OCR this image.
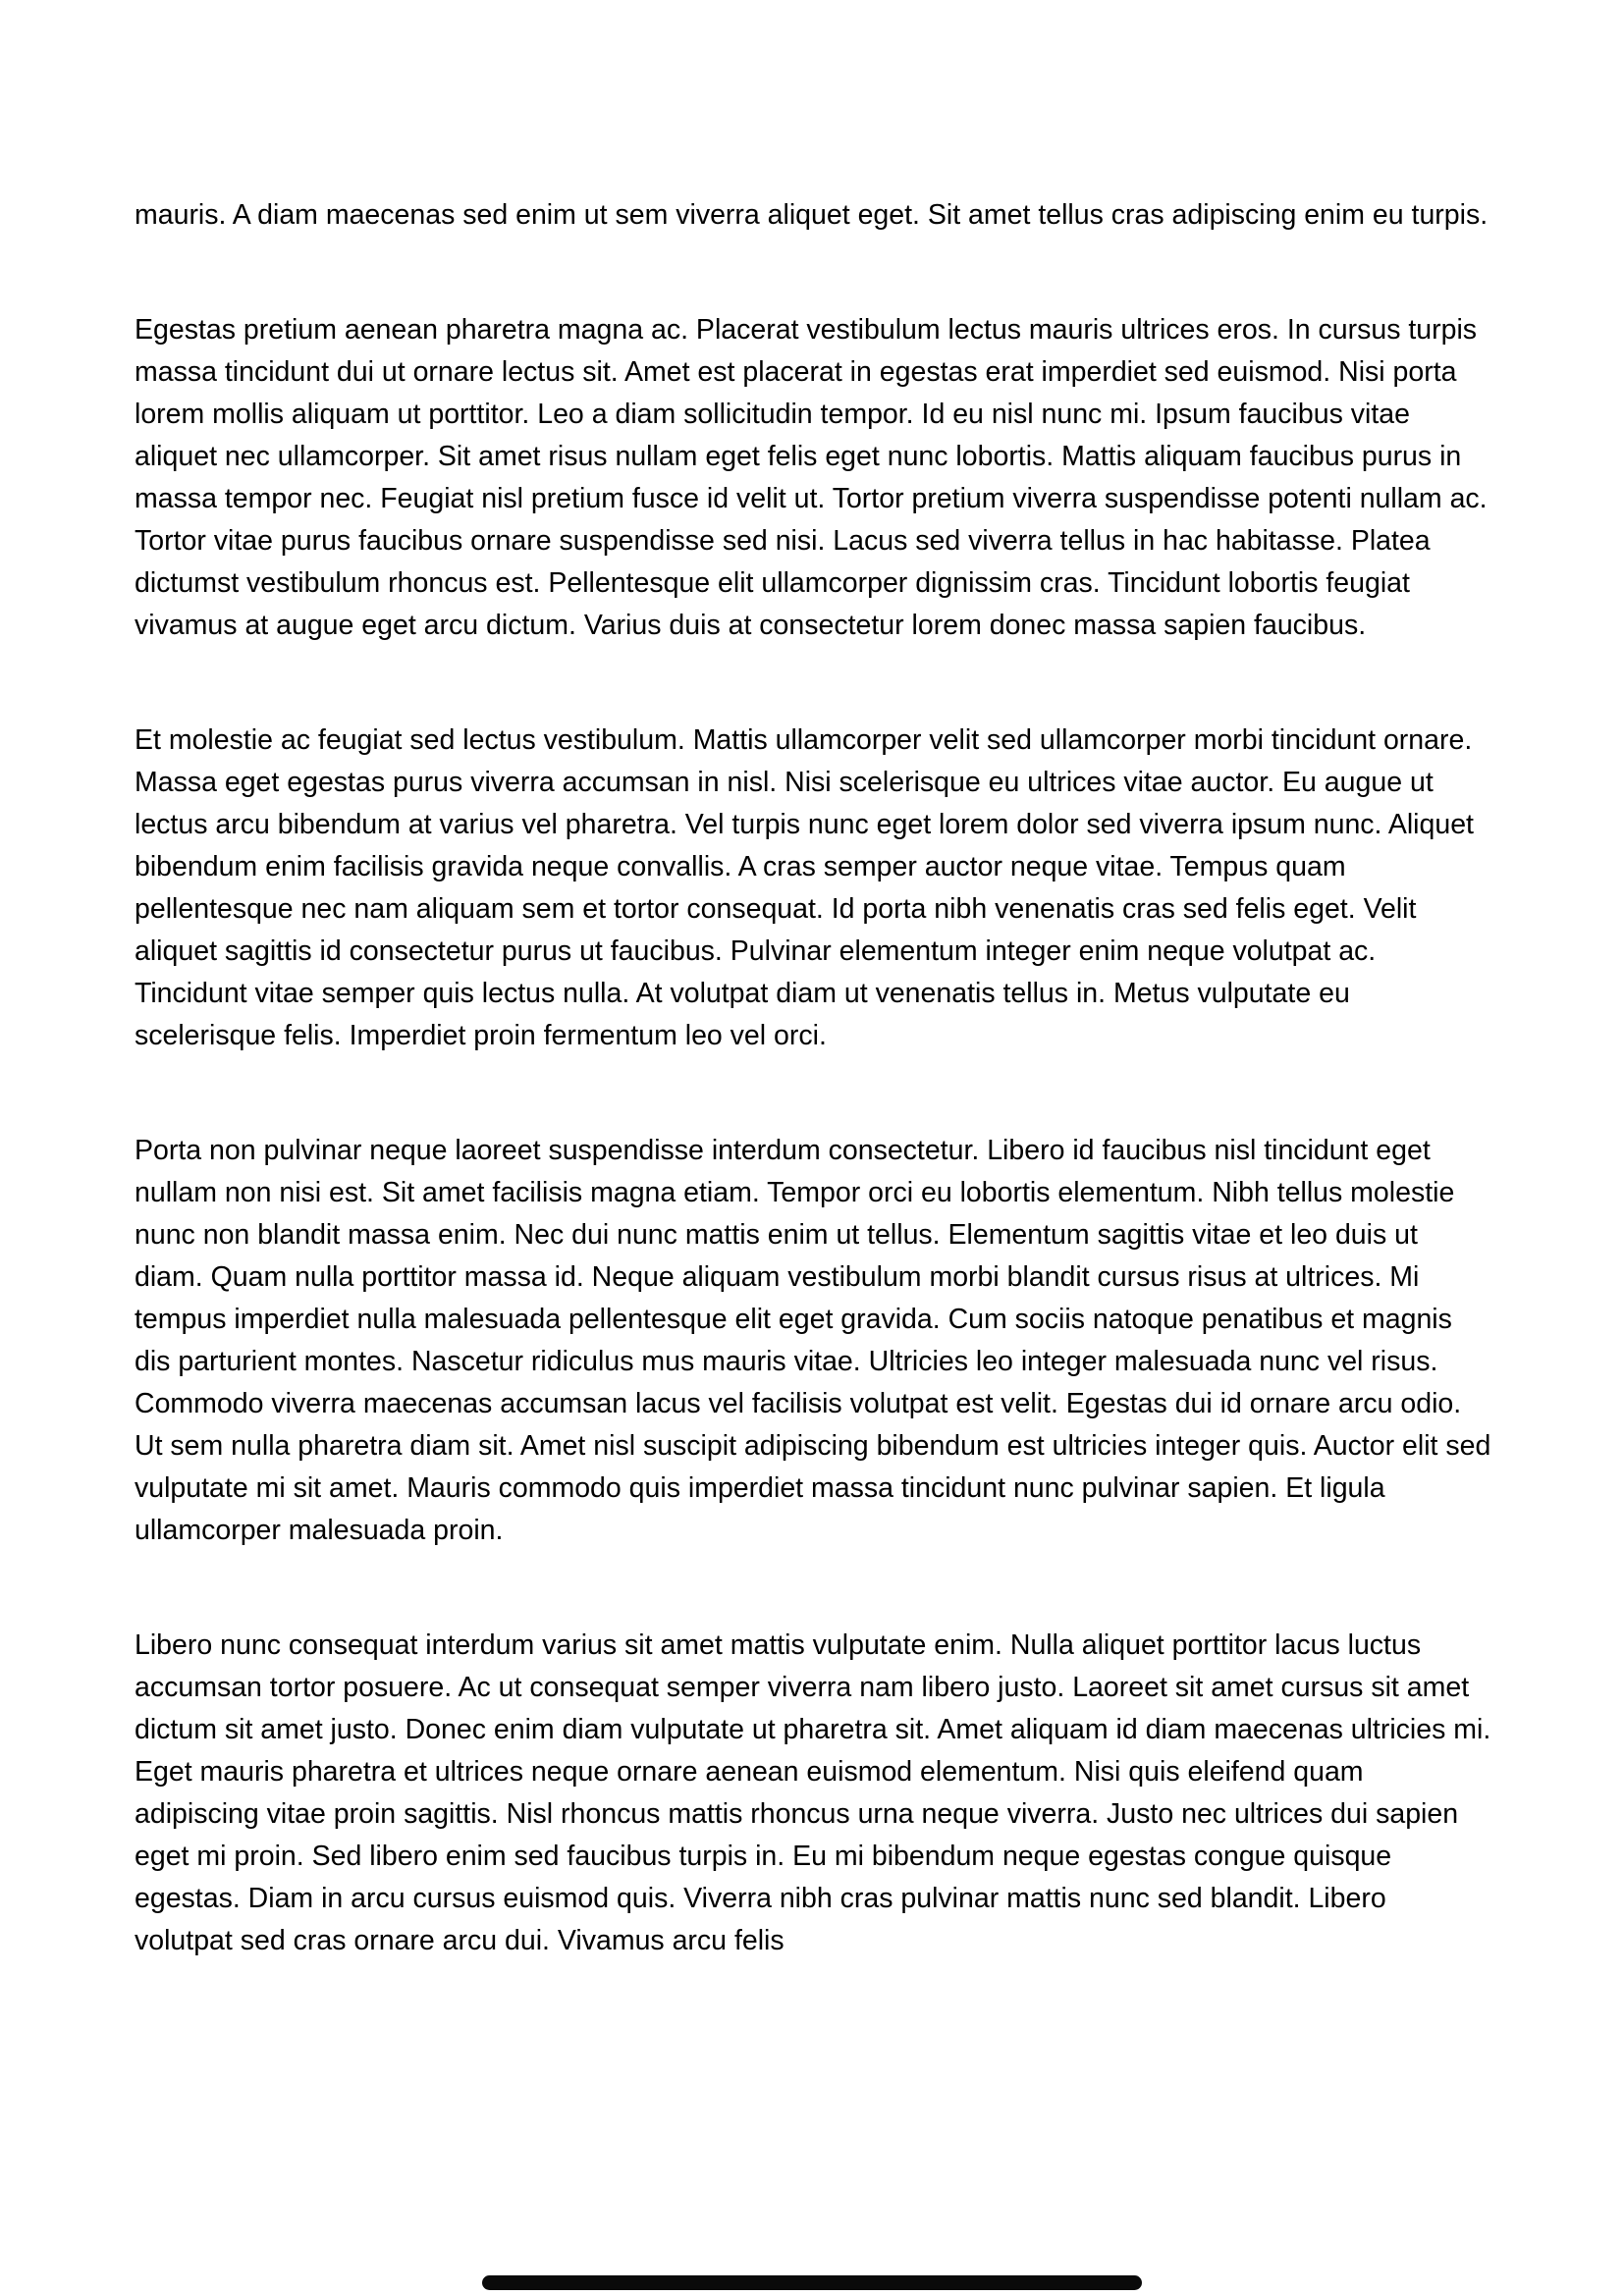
mauris. A diam maecenas sed enim ut sem viverra aliquet eget. Sit amet tellus cras adipiscing enim eu turpis.

Egestas pretium aenean pharetra magna ac. Placerat vestibulum lectus mauris ultrices eros. In cursus turpis massa tincidunt dui ut ornare lectus sit. Amet est placerat in egestas erat imperdiet sed euismod. Nisi porta lorem mollis aliquam ut porttitor. Leo a diam sollicitudin tempor. Id eu nisl nunc mi. Ipsum faucibus vitae aliquet nec ullamcorper. Sit amet risus nullam eget felis eget nunc lobortis. Mattis aliquam faucibus purus in massa tempor nec. Feugiat nisl pretium fusce id velit ut. Tortor pretium viverra suspendisse potenti nullam ac. Tortor vitae purus faucibus ornare suspendisse sed nisi. Lacus sed viverra tellus in hac habitasse. Platea dictumst vestibulum rhoncus est. Pellentesque elit ullamcorper dignissim cras. Tincidunt lobortis feugiat vivamus at augue eget arcu dictum. Varius duis at consectetur lorem donec massa sapien faucibus.

Et molestie ac feugiat sed lectus vestibulum. Mattis ullamcorper velit sed ullamcorper morbi tincidunt ornare. Massa eget egestas purus viverra accumsan in nisl. Nisi scelerisque eu ultrices vitae auctor. Eu augue ut lectus arcu bibendum at varius vel pharetra. Vel turpis nunc eget lorem dolor sed viverra ipsum nunc. Aliquet bibendum enim facilisis gravida neque convallis. A cras semper auctor neque vitae. Tempus quam pellentesque nec nam aliquam sem et tortor consequat. Id porta nibh venenatis cras sed felis eget. Velit aliquet sagittis id consectetur purus ut faucibus. Pulvinar elementum integer enim neque volutpat ac. Tincidunt vitae semper quis lectus nulla. At volutpat diam ut venenatis tellus in. Metus vulputate eu scelerisque felis. Imperdiet proin fermentum leo vel orci.

Porta non pulvinar neque laoreet suspendisse interdum consectetur. Libero id faucibus nisl tincidunt eget nullam non nisi est. Sit amet facilisis magna etiam. Tempor orci eu lobortis elementum. Nibh tellus molestie nunc non blandit massa enim. Nec dui nunc mattis enim ut tellus. Elementum sagittis vitae et leo duis ut diam. Quam nulla porttitor massa id. Neque aliquam vestibulum morbi blandit cursus risus at ultrices. Mi tempus imperdiet nulla malesuada pellentesque elit eget gravida. Cum sociis natoque penatibus et magnis dis parturient montes. Nascetur ridiculus mus mauris vitae. Ultricies leo integer malesuada nunc vel risus. Commodo viverra maecenas accumsan lacus vel facilisis volutpat est velit. Egestas dui id ornare arcu odio. Ut sem nulla pharetra diam sit. Amet nisl suscipit adipiscing bibendum est ultricies integer quis. Auctor elit sed vulputate mi sit amet. Mauris commodo quis imperdiet massa tincidunt nunc pulvinar sapien. Et ligula ullamcorper malesuada proin.

Libero nunc consequat interdum varius sit amet mattis vulputate enim. Nulla aliquet porttitor lacus luctus accumsan tortor posuere. Ac ut consequat semper viverra nam libero justo. Laoreet sit amet cursus sit amet dictum sit amet justo. Donec enim diam vulputate ut pharetra sit. Amet aliquam id diam maecenas ultricies mi. Eget mauris pharetra et ultrices neque ornare aenean euismod elementum. Nisi quis eleifend quam adipiscing vitae proin sagittis. Nisl rhoncus mattis rhoncus urna neque viverra. Justo nec ultrices dui sapien eget mi proin. Sed libero enim sed faucibus turpis in. Eu mi bibendum neque egestas congue quisque egestas. Diam in arcu cursus euismod quis. Viverra nibh cras pulvinar mattis nunc sed blandit. Libero volutpat sed cras ornare arcu dui. Vivamus arcu felis
